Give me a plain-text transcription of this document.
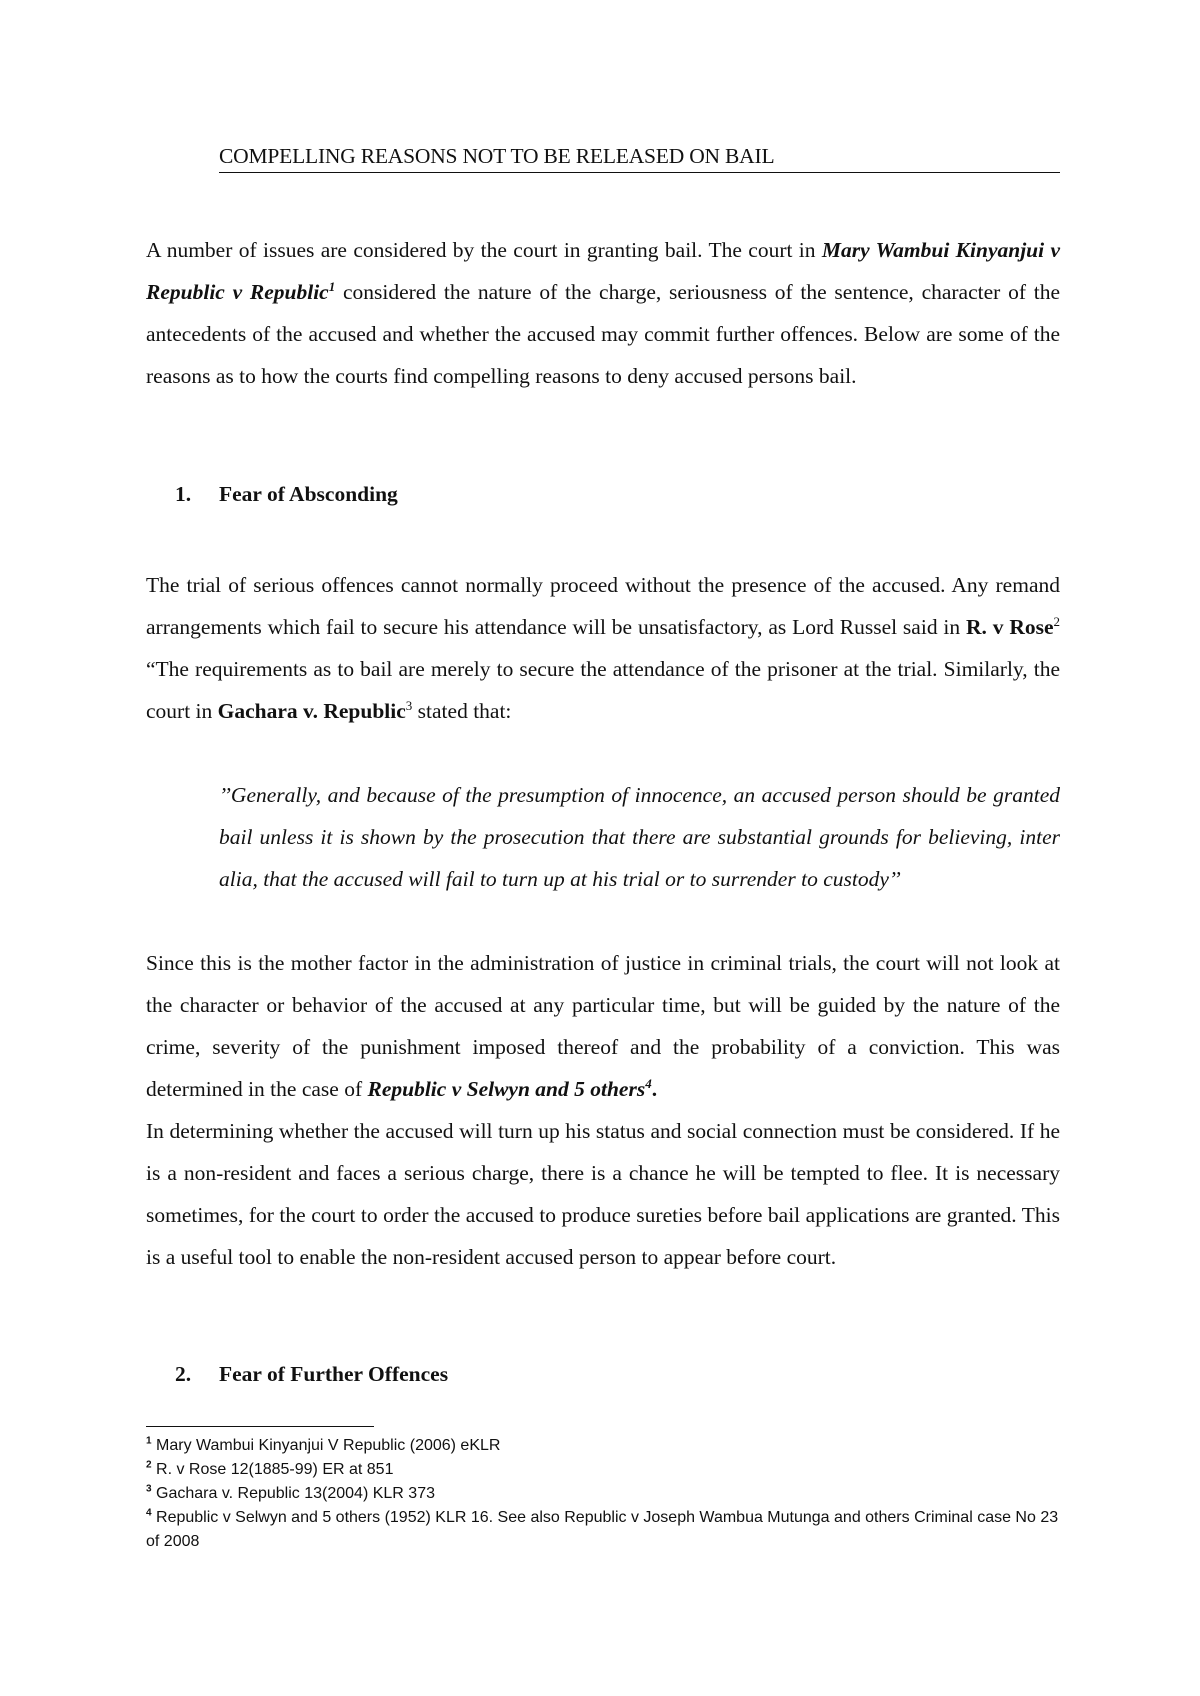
COMPELLING REASONS NOT TO BE RELEASED ON BAIL

A number of issues are considered by the court in granting bail. The court in Mary Wambui Kinyanjui v Republic v Republic$^1$ considered the nature of the charge, seriousness of the sentence, character of the antecedents of the accused and whether the accused may commit further offences. Below are some of the reasons as to how the courts find compelling reasons to deny accused persons bail.

1. Fear of Absconding

The trial of serious offences cannot normally proceed without the presence of the accused. Any remand arrangements which fail to secure his attendance will be unsatisfactory, as Lord Russel said in R. v Rose$^2$ “The requirements as to bail are merely to secure the attendance of the prisoner at the trial. Similarly, the court in Gachara v. Republic$^3$ stated that:

’’Generally, and because of the presumption of innocence, an accused person should be granted bail unless it is shown by the prosecution that there are substantial grounds for believing, inter alia, that the accused will fail to turn up at his trial or to surrender to custody’’

Since this is the mother factor in the administration of justice in criminal trials, the court will not look at the character or behavior of the accused at any particular time, but will be guided by the nature of the crime, severity of the punishment imposed thereof and the probability of a conviction. This was determined in the case of Republic v Selwyn and 5 others$^4$.

In determining whether the accused will turn up his status and social connection must be considered. If he is a non-resident and faces a serious charge, there is a chance he will be tempted to flee. It is necessary sometimes, for the court to order the accused to produce sureties before bail applications are granted. This is a useful tool to enable the non-resident accused person to appear before court.

2. Fear of Further Offences

$^1$ Mary Wambui Kinyanjui V Republic (2006) eKLR

$^2$ R. v Rose 12(1885-99) ER at 851

$^3$ Gachara v. Republic 13(2004) KLR 373

$^4$ Republic v Selwyn and 5 others (1952) KLR 16. See also Republic v Joseph Wambua Mutunga and others Criminal case No 23 of 2008
